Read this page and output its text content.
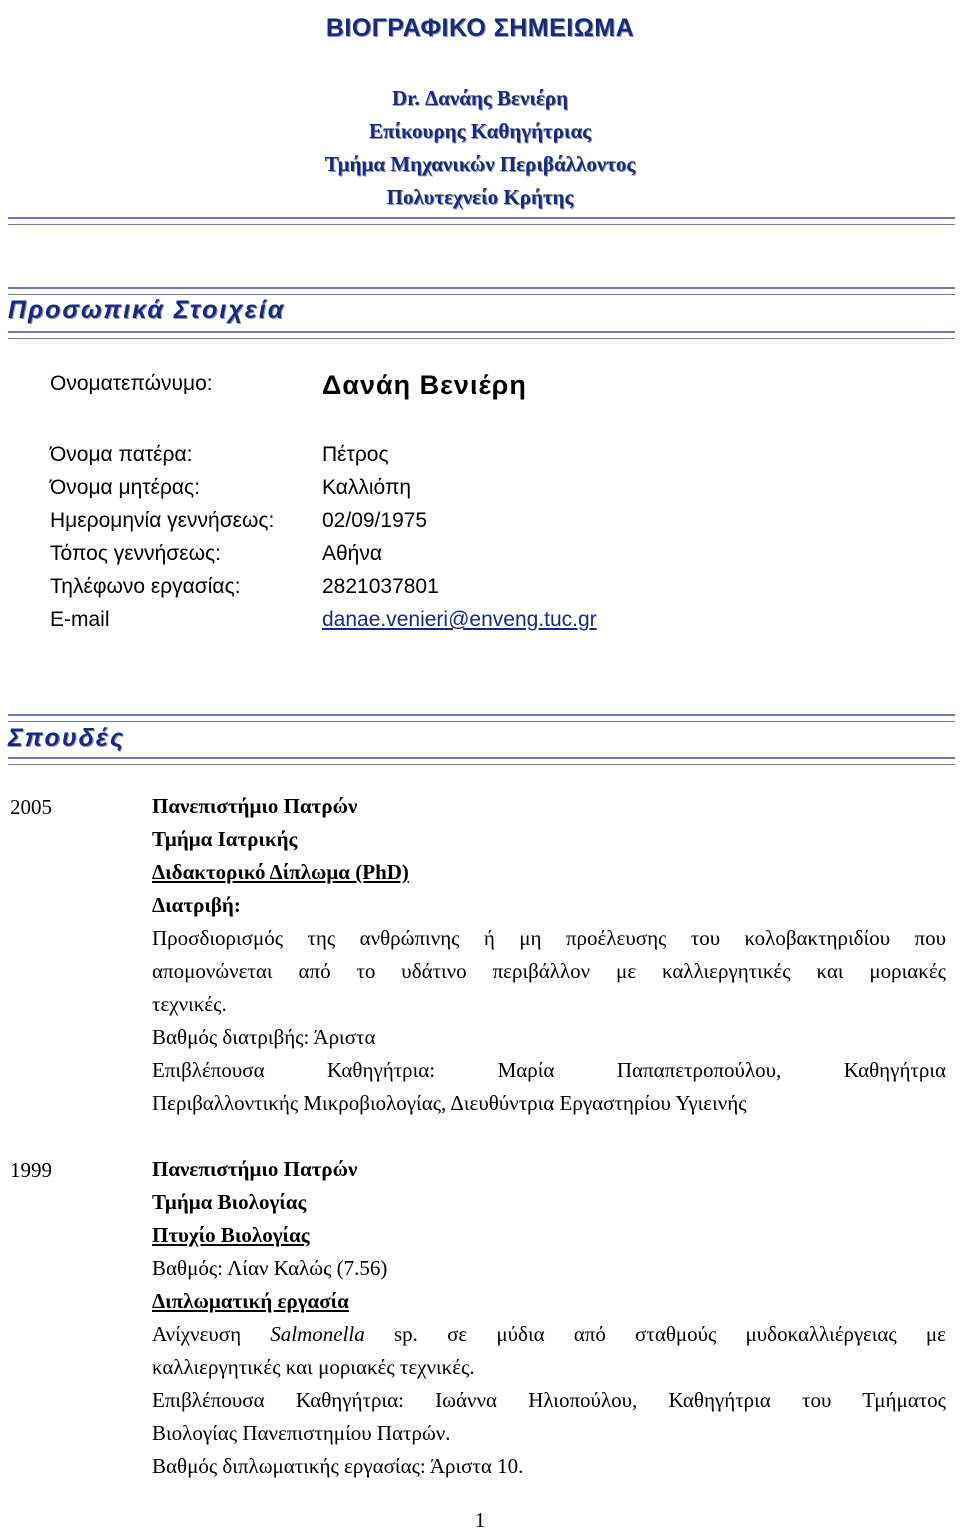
ΒΙΟΓΡΑΦΙΚΟ ΣΗΜΕΙΩΜΑ
Dr. Δανάης Βενιέρη
Επίκουρης Καθηγήτριας
Τμήμα Μηχανικών Περιβάλλοντος
Πολυτεχνείο Κρήτης
Προσωπικά Στοιχεία
Ονοματεπώνυμο:	Δανάη Βενιέρη
Όνομα πατέρα:	Πέτρος
Όνομα μητέρας:	Καλλιόπη
Ημερομηνία γεννήσεως: 02/09/1975
Τόπος γεννήσεως:	Αθήνα
Τηλέφωνο εργασίας:	2821037801
E-mail	danae.venieri@enveng.tuc.gr
Σπουδές
2005	Πανεπιστήμιο Πατρών
Τμήμα Ιατρικής
Διδακτορικό Δίπλωμα (PhD)
Διατριβή:
Προσδιορισμός της ανθρώπινης ή μη προέλευσης του κολοβακτηριδίου που
απομονώνεται από το υδάτινο περιβάλλον με καλλιεργητικές και μοριακές
τεχνικές.
Βαθμός διατριβής: Άριστα
Επιβλέπουσα Καθηγήτρια: Μαρία Παπαπετροπούλου, Καθηγήτρια
Περιβαλλοντικής Μικροβιολογίας, Διευθύντρια Εργαστηρίου Υγιεινής
1999	Πανεπιστήμιο Πατρών
Τμήμα Βιολογίας
Πτυχίο Βιολογίας
Βαθμός: Λίαν Καλώς (7.56)
Διπλωματική εργασία
Ανίχνευση Salmonella sp. σε μύδια από σταθμούς μυδοκαλλιέργειας με
καλλιεργητικές και μοριακές τεχνικές.
Επιβλέπουσα Καθηγήτρια: Ιωάννα Ηλιοπούλου, Καθηγήτρια του Τμήματος
Βιολογίας Πανεπιστημίου Πατρών.
Βαθμός διπλωματικής εργασίας: Άριστα 10.
1
